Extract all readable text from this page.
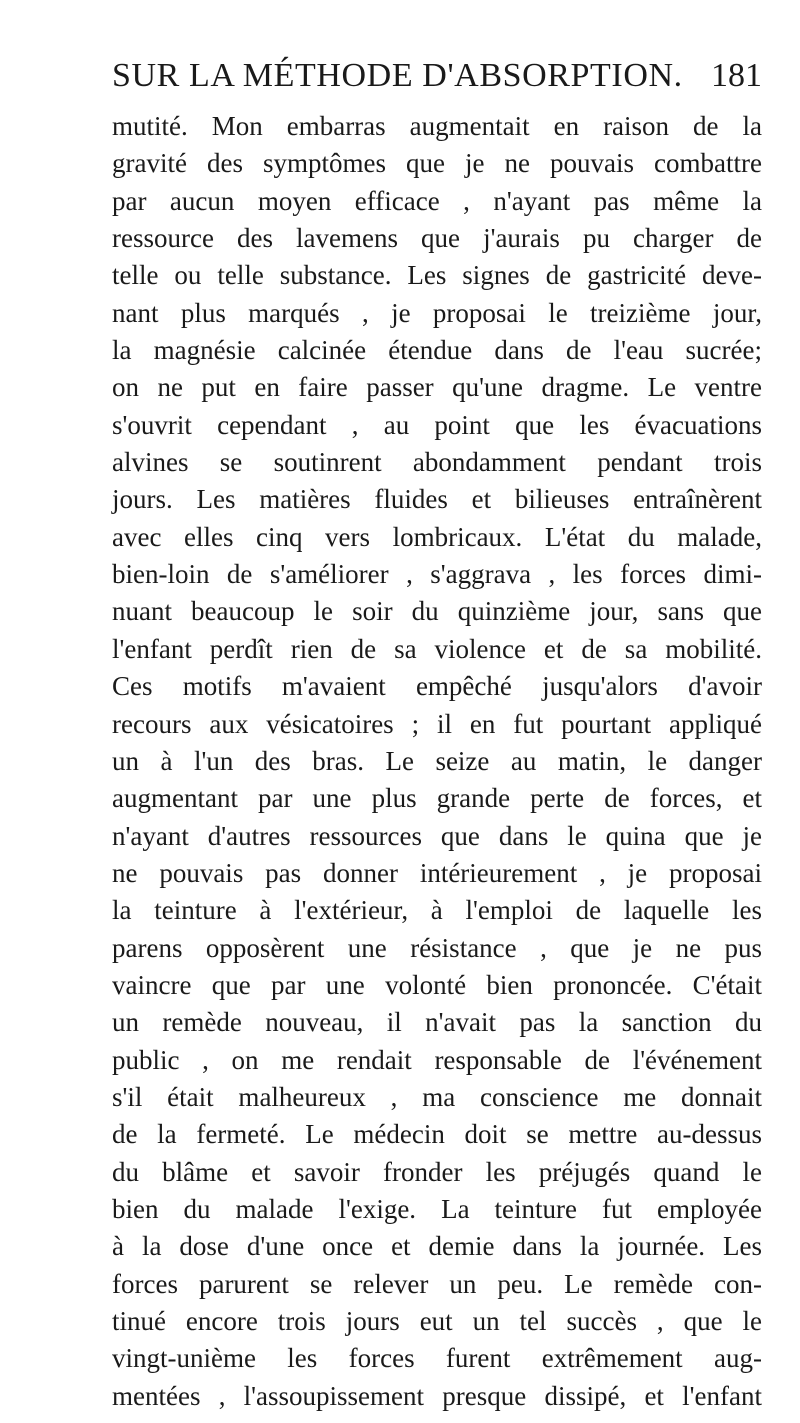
SUR LA MÉTHODE D'ABSORPTION. 181
mutité. Mon embarras augmentait en raison de la
gravité des symptômes que je ne pouvais combattre
par aucun moyen efficace , n'ayant pas même la
ressource des lavemens que j'aurais pu charger de
telle ou telle substance. Les signes de gastricité deve-
nant plus marqués , je proposai le treizième jour,
la magnésie calcinée étendue dans de l'eau sucrée;
on ne put en faire passer qu'une dragme. Le ventre
s'ouvrit cependant , au point que les évacuations
alvines se soutinrent abondamment pendant trois
jours. Les matières fluides et bilieuses entraînèrent
avec elles cinq vers lombricaux. L'état du malade,
bien-loin de s'améliorer , s'aggrava , les forces dimi-
nuant beaucoup le soir du quinzième jour, sans que
l'enfant perdît rien de sa violence et de sa mobilité.
Ces motifs m'avaient empêché jusqu'alors d'avoir
recours aux vésicatoires ; il en fut pourtant appliqué
un à l'un des bras. Le seize au matin, le danger
augmentant par une plus grande perte de forces, et
n'ayant d'autres ressources que dans le quina que je
ne pouvais pas donner intérieurement , je proposai
la teinture à l'extérieur, à l'emploi de laquelle les
parens opposèrent une résistance , que je ne pus
vaincre que par une volonté bien prononcée. C'était
un remède nouveau, il n'avait pas la sanction du
public , on me rendait responsable de l'événement
s'il était malheureux , ma conscience me donnait
de la fermeté. Le médecin doit se mettre au-dessus
du blâme et savoir fronder les préjugés quand le
bien du malade l'exige. La teinture fut employée
à la dose d'une once et demie dans la journée. Les
forces parurent se relever un peu. Le remède con-
tinué encore trois jours eut un tel succès , que le
vingt-unième les forces furent extrêmement aug-
mentées , l'assoupissement presque dissipé, et l'enfant
